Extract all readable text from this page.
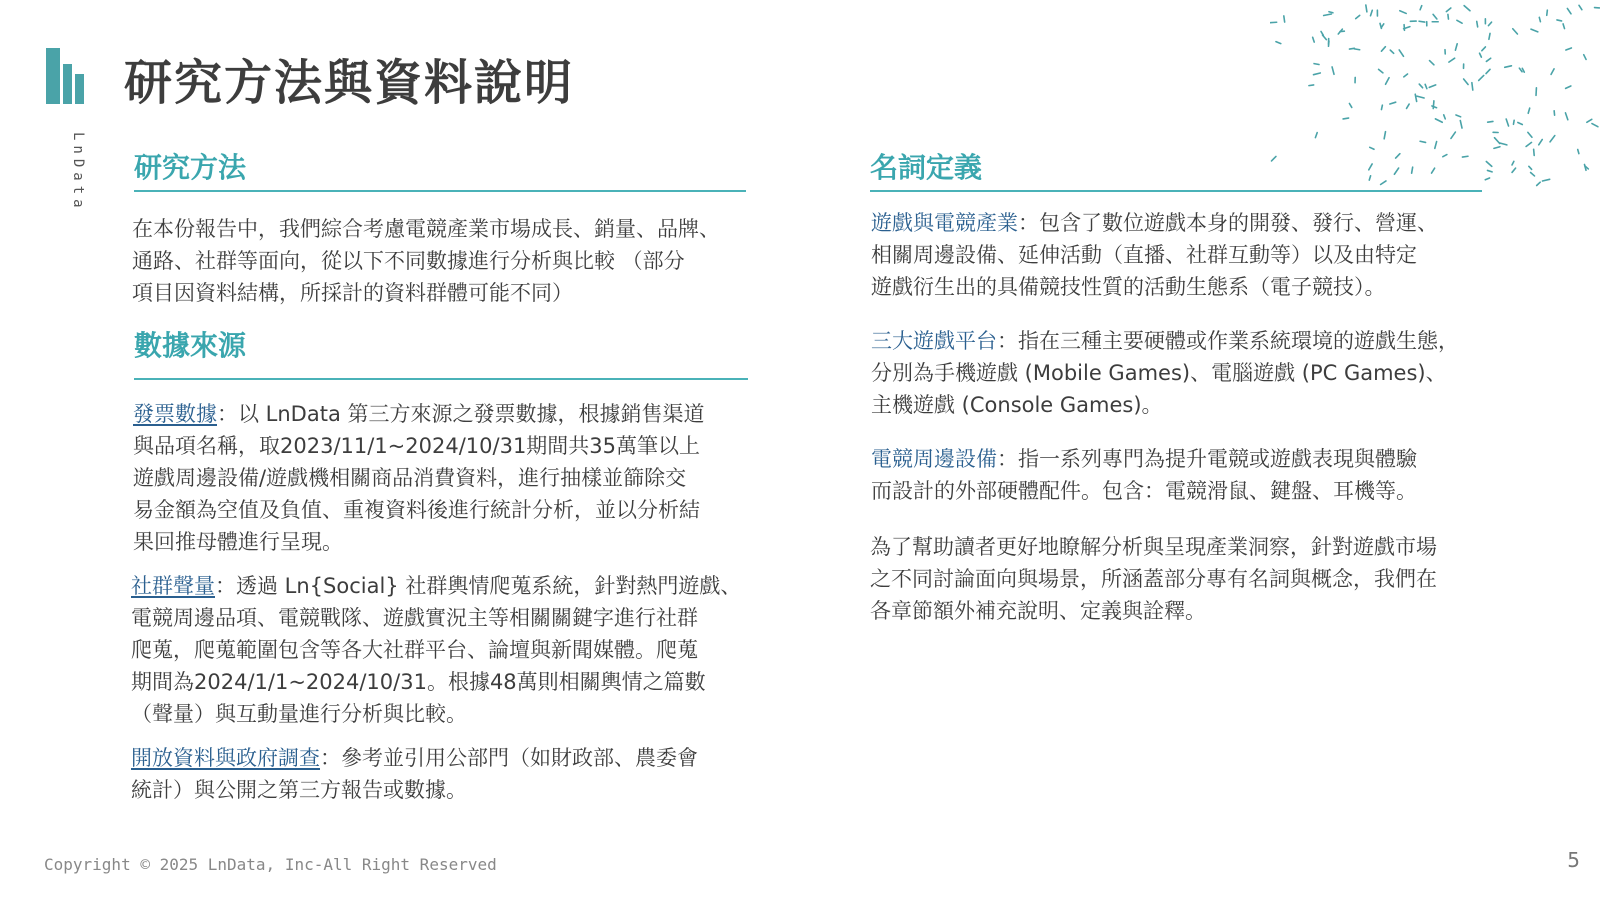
研究方法與資料說明
LnData 研究方法
在本份報告中，我們綜合考慮電競產業市場成長、銷量、品牌、
通路、社群等面向，從以下不同數據進行分析與比較 （部分
項目因資料結構，所採計的資料群體可能不同）
數據來源
發票數據：以 LnData 第三方來源之發票數據，根據銷售渠道
與品項名稱，取2023/11/1~2024/10/31期間共35萬筆以上
遊戲周邊設備/遊戲機相關商品消費資料，進行抽樣並篩除交
易金額為空值及負值、重複資料後進行統計分析，並以分析結
果回推母體進行呈現。
社群聲量：透過 Ln{Social} 社群輿情爬蒐系統，針對熱門遊戲、
電競周邊品項、電競戰隊、遊戲實況主等相關關鍵字進行社群
爬蒐，爬蒐範圍包含等各大社群平台、論壇與新聞媒體。爬蒐
期間為2024/1/1~2024/10/31。根據48萬則相關輿情之篇數
（聲量）與互動量進行分析與比較。
開放資料與政府調查：參考並引用公部門（如財政部、農委會
統計）與公開之第三方報告或數據。
名詞定義
遊戲與電競產業：包含了數位遊戲本身的開發、發行、營運、
相關周邊設備、延伸活動（直播、社群互動等）以及由特定
遊戲衍生出的具備競技性質的活動生態系（電子競技）。
三大遊戲平台：指在三種主要硬體或作業系統環境的遊戲生態，
分別為手機遊戲 (Mobile Games)、電腦遊戲 (PC Games)、
主機遊戲 (Console Games)。
電競周邊設備：指一系列專門為提升電競或遊戲表現與體驗
而設計的外部硬體配件。包含：電競滑鼠、鍵盤、耳機等。
為了幫助讀者更好地瞭解分析與呈現產業洞察，針對遊戲市場
之不同討論面向與場景，所涵蓋部分專有名詞與概念，我們在
各章節額外補充說明、定義與詮釋。
Copyright © 2025 LnData, Inc-All Right Reserved	5
